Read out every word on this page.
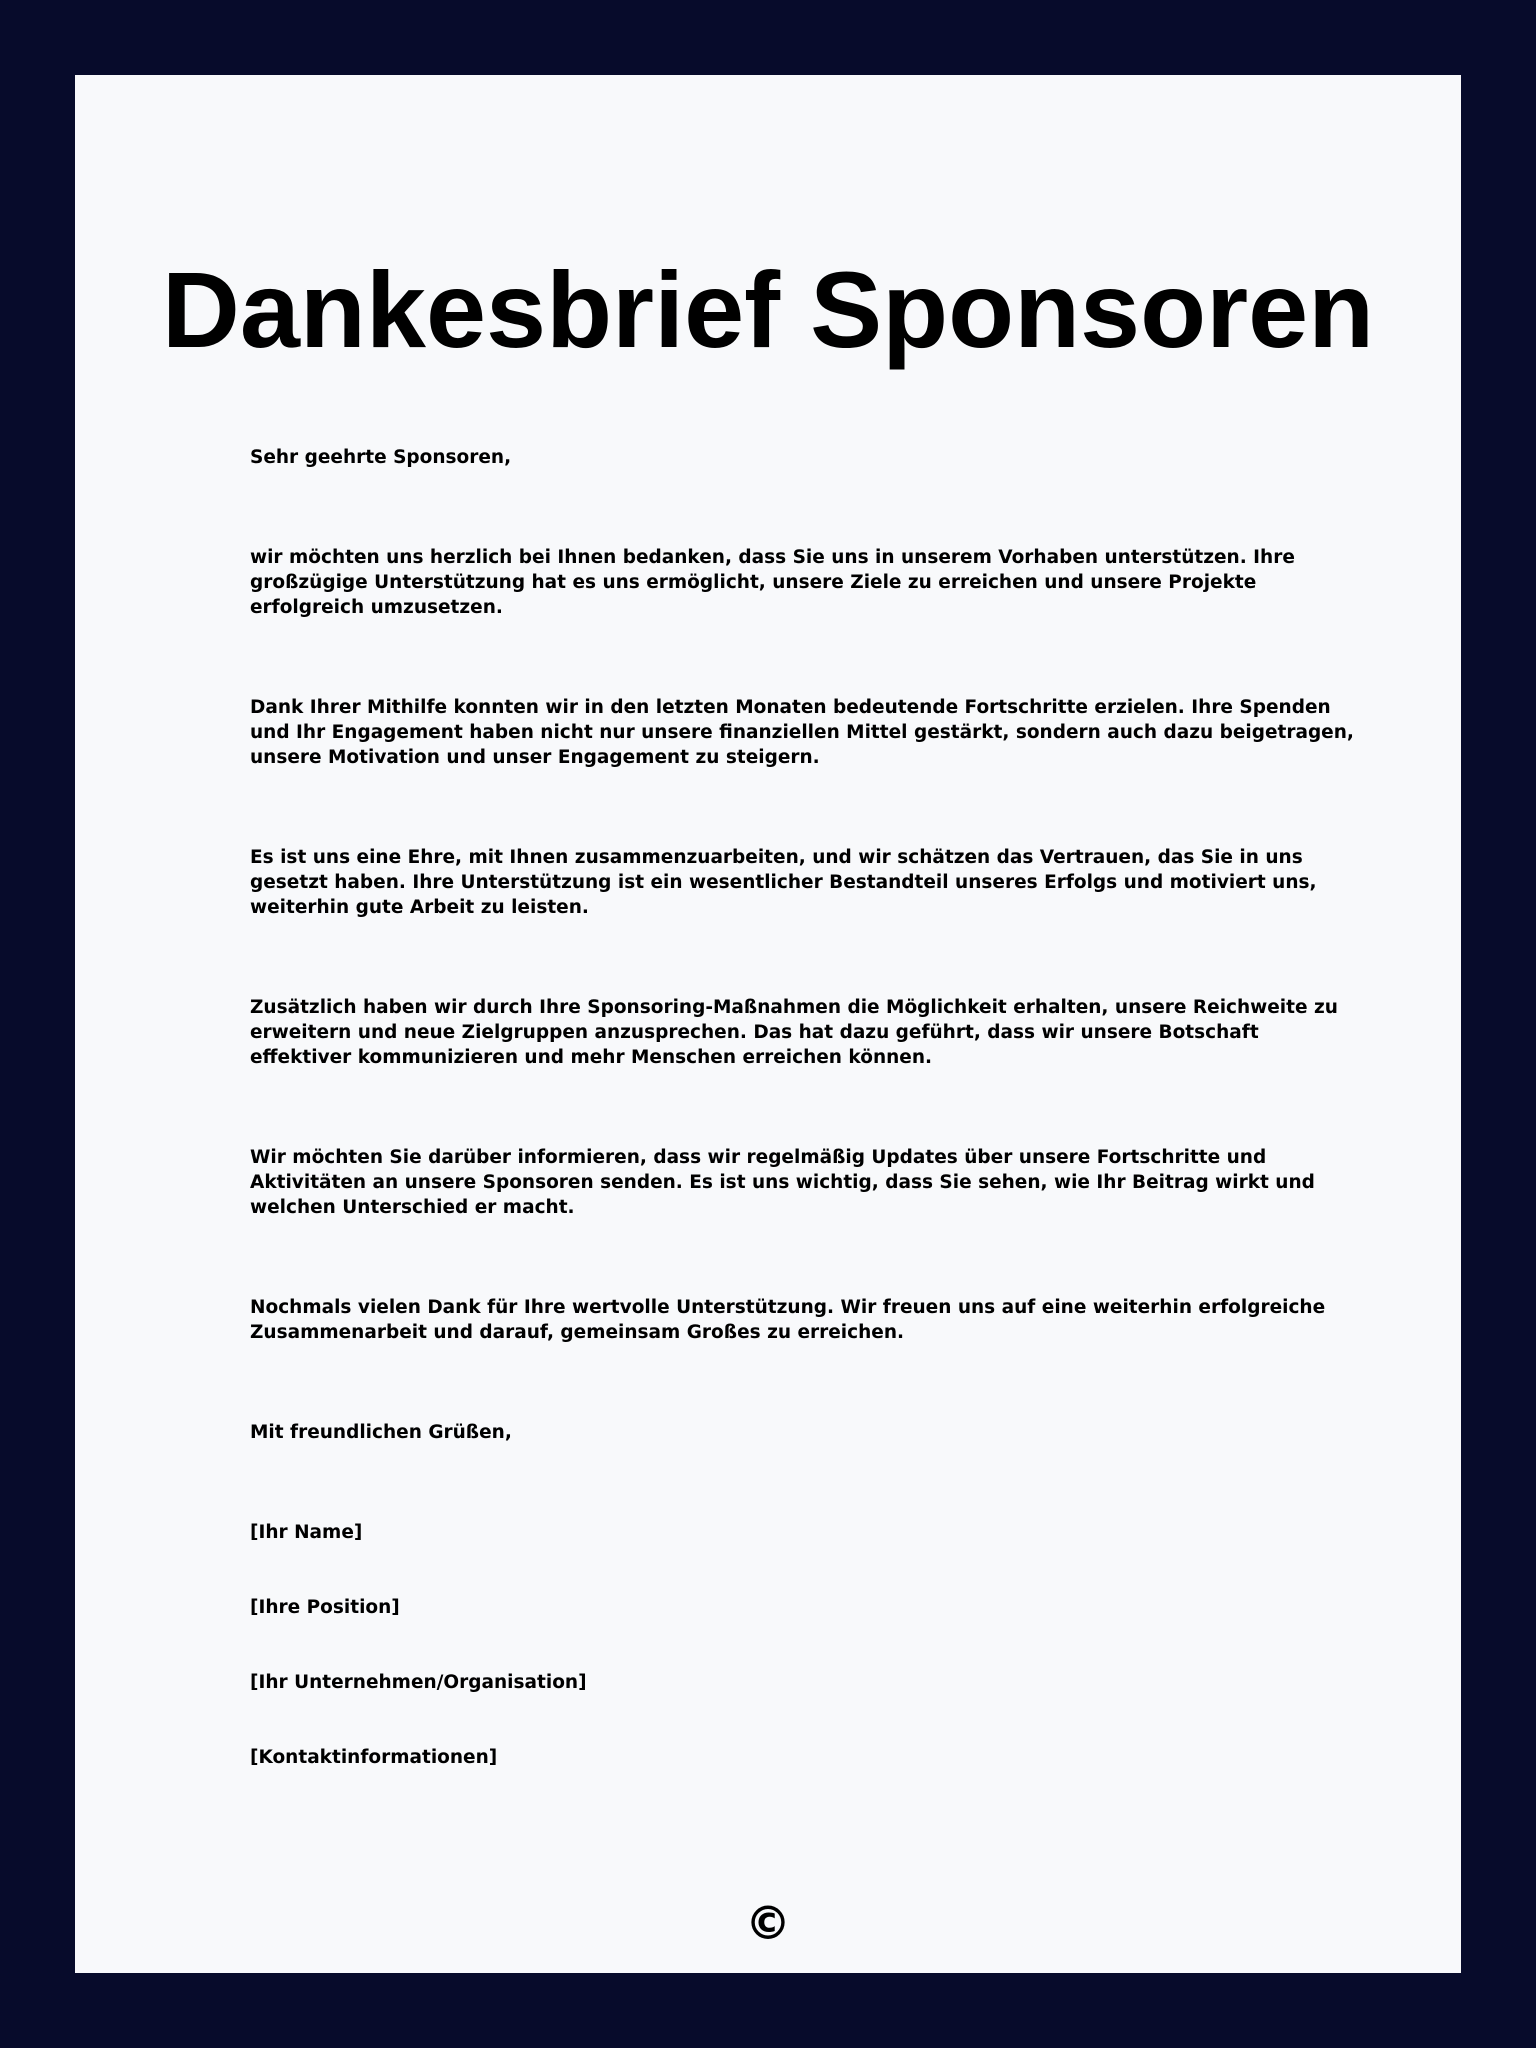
Dankesbrief Sponsoren

Sehr geehrte Sponsoren,

wir möchten uns herzlich bei Ihnen bedanken, dass Sie uns in unserem Vorhaben unterstützen. Ihre großzügige Unterstützung hat es uns ermöglicht, unsere Ziele zu erreichen und unsere Projekte erfolgreich umzusetzen.

Dank Ihrer Mithilfe konnten wir in den letzten Monaten bedeutende Fortschritte erzielen. Ihre Spenden und Ihr Engagement haben nicht nur unsere finanziellen Mittel gestärkt, sondern auch dazu beigetragen, unsere Motivation und unser Engagement zu steigern.

Es ist uns eine Ehre, mit Ihnen zusammenzuarbeiten, und wir schätzen das Vertrauen, das Sie in uns gesetzt haben. Ihre Unterstützung ist ein wesentlicher Bestandteil unseres Erfolgs und motiviert uns, weiterhin gute Arbeit zu leisten.

Zusätzlich haben wir durch Ihre Sponsoring-Maßnahmen die Möglichkeit erhalten, unsere Reichweite zu erweitern und neue Zielgruppen anzusprechen. Das hat dazu geführt, dass wir unsere Botschaft effektiver kommunizieren und mehr Menschen erreichen können.

Wir möchten Sie darüber informieren, dass wir regelmäßig Updates über unsere Fortschritte und Aktivitäten an unsere Sponsoren senden. Es ist uns wichtig, dass Sie sehen, wie Ihr Beitrag wirkt und welchen Unterschied er macht.

Nochmals vielen Dank für Ihre wertvolle Unterstützung. Wir freuen uns auf eine weiterhin erfolgreiche Zusammenarbeit und darauf, gemeinsam Großes zu erreichen.

Mit freundlichen Grüßen,

[Ihr Name]

[Ihre Position]

[Ihr Unternehmen/Organisation]

[Kontaktinformationen]

©
